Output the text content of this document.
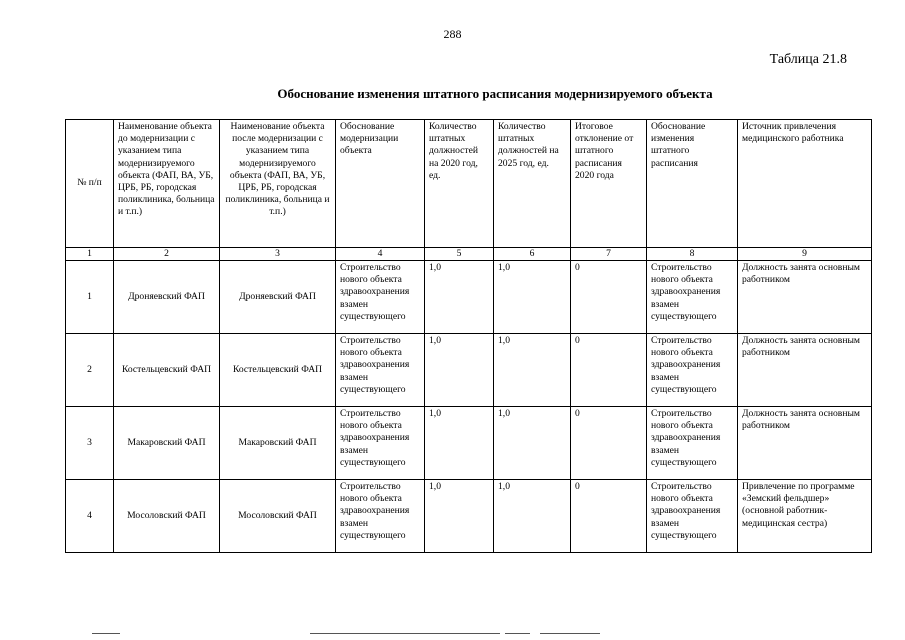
288
Таблица 21.8
Обоснование изменения штатного расписания модернизируемого объекта
№ п/п	Наименование объекта до модернизации с указанием типа модернизируемого объекта (ФАП, ВА, УБ, ЦРБ, РБ, городская поликлиника, больница и т.п.)	Наименование объекта после модернизации с указанием типа модернизируемого объекта (ФАП, ВА, УБ, ЦРБ, РБ, городская поликлиника, больница и т.п.)	Обоснование модернизации объекта	Количество штатных должностей на 2020 год, ед.	Количество штатных должностей на 2025 год, ед.	Итоговое отклонение от штатного расписания 2020 года	Обоснование изменения штатного расписания	Источник привлечения медицинского работника
1	2	3	4	5	6	7	8	9
1	Дроняевский ФАП	Дроняевский ФАП	Строительство нового объекта здравоохранения взамен существующего	1,0	1,0	0	Строительство нового объекта здравоохранения взамен существующего	Должность занята основным работником
2	Костельцевский ФАП	Костельцевский ФАП	Строительство нового объекта здравоохранения взамен существующего	1,0	1,0	0	Строительство нового объекта здравоохранения взамен существующего	Должность занята основным работником
3	Макаровский ФАП	Макаровский ФАП	Строительство нового объекта здравоохранения взамен существующего	1,0	1,0	0	Строительство нового объекта здравоохранения взамен существующего	Должность занята основным работником
4	Мосоловский ФАП	Мосоловский ФАП	Строительство нового объекта здравоохранения взамен существующего	1,0	1,0	0	Строительство нового объекта здравоохранения взамен существующего	Привлечение по программе «Земский фельдшер» (основной работник- медицинская сестра)
